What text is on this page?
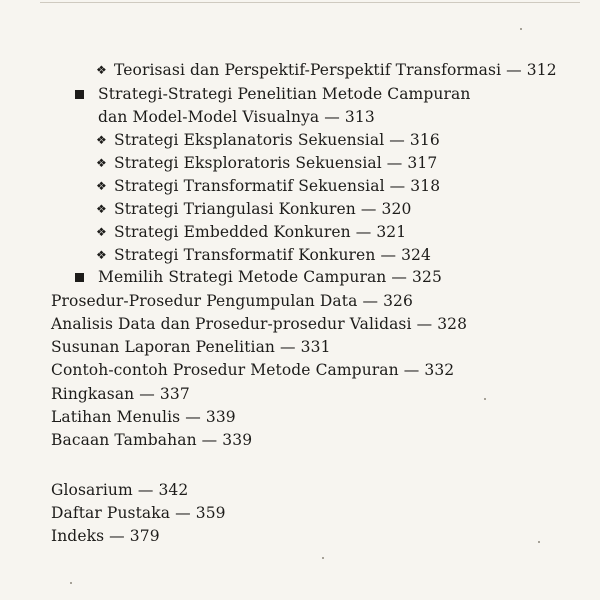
❖ Teorisasi dan Perspektif-Perspektif Transformasi — 312
Strategi-Strategi Penelitian Metode Campuran
dan Model-Model Visualnya — 313
❖ Strategi Eksplanatoris Sekuensial — 316
❖ Strategi Eksploratoris Sekuensial — 317
❖ Strategi Transformatif Sekuensial — 318
❖ Strategi Triangulasi Konkuren — 320
❖ Strategi Embedded Konkuren — 321
❖ Strategi Transformatif Konkuren — 324
Memilih Strategi Metode Campuran — 325
Prosedur-Prosedur Pengumpulan Data — 326
Analisis Data dan Prosedur-prosedur Validasi — 328
Susunan Laporan Penelitian — 331
Contoh-contoh Prosedur Metode Campuran — 332
Ringkasan — 337
Latihan Menulis — 339
Bacaan Tambahan — 339
Glosarium — 342
Daftar Pustaka — 359
Indeks — 379
